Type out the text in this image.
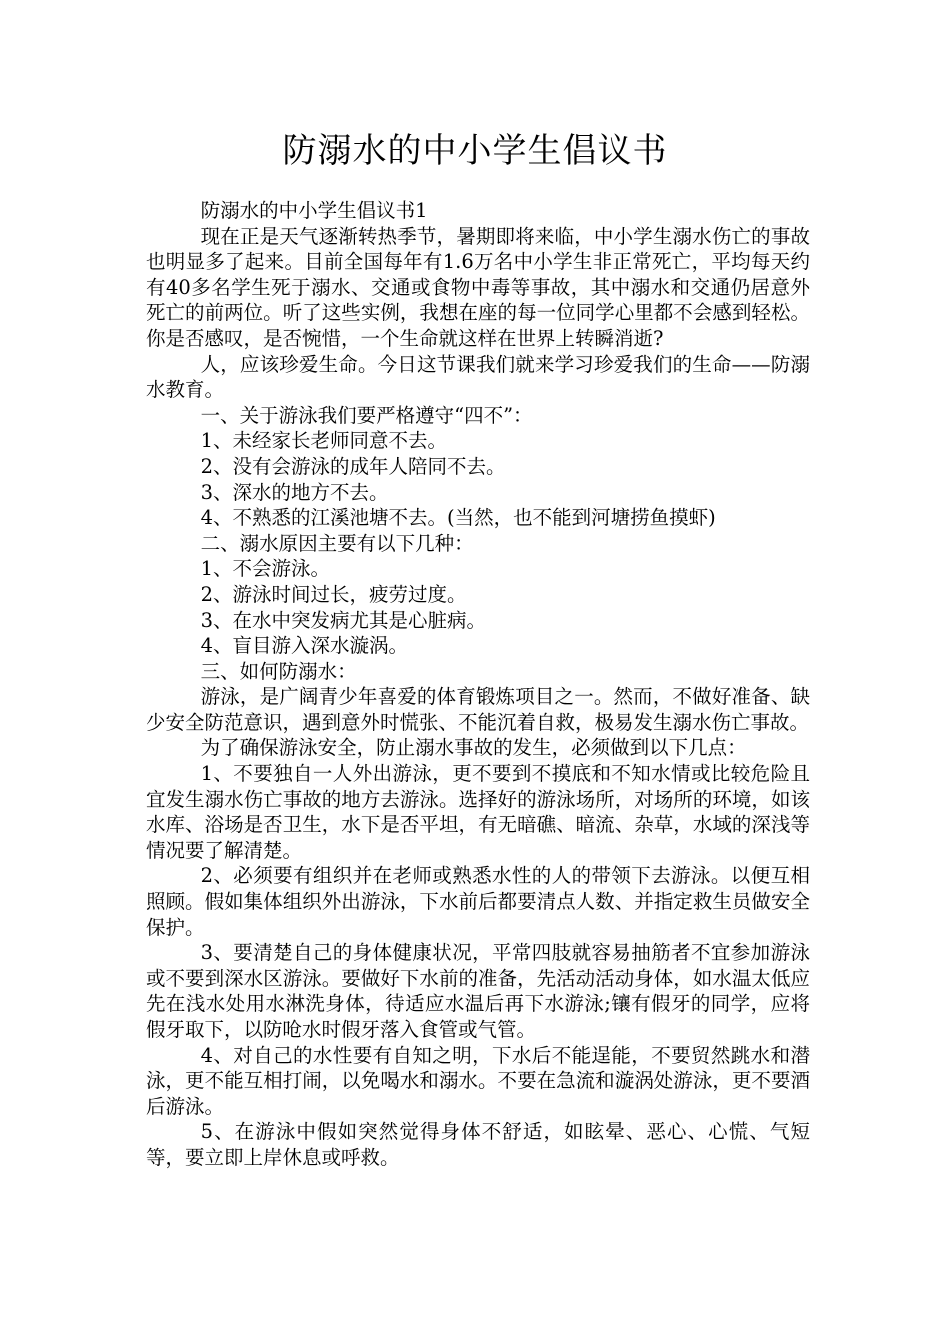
防溺水的中小学生倡议书

防溺水的中小学生倡议书1

现在正是天气逐渐转热季节，暑期即将来临，中小学生溺水伤亡的事故也明显多了起来。目前全国每年有1.6万名中小学生非正常死亡，平均每天约有40多名学生死于溺水、交通或食物中毒等事故，其中溺水和交通仍居意外死亡的前两位。听了这些实例，我想在座的每一位同学心里都不会感到轻松。你是否感叹，是否惋惜，一个生命就这样在世界上转瞬消逝?

人，应该珍爱生命。今日这节课我们就来学习珍爱我们的生命——防溺水教育。

一、关于游泳我们要严格遵守“四不”：

1、未经家长老师同意不去。

2、没有会游泳的成年人陪同不去。

3、深水的地方不去。

4、不熟悉的江溪池塘不去。(当然，也不能到河塘捞鱼摸虾)

二、溺水原因主要有以下几种：

1、不会游泳。

2、游泳时间过长，疲劳过度。

3、在水中突发病尤其是心脏病。

4、盲目游入深水漩涡。

三、如何防溺水：

游泳，是广阔青少年喜爱的体育锻炼项目之一。然而，不做好准备、缺少安全防范意识，遇到意外时慌张、不能沉着自救，极易发生溺水伤亡事故。

为了确保游泳安全，防止溺水事故的发生，必须做到以下几点：

1、不要独自一人外出游泳，更不要到不摸底和不知水情或比较危险且宜发生溺水伤亡事故的地方去游泳。选择好的游泳场所，对场所的环境，如该水库、浴场是否卫生，水下是否平坦，有无暗礁、暗流、杂草，水域的深浅等情况要了解清楚。

2、必须要有组织并在老师或熟悉水性的人的带领下去游泳。以便互相照顾。假如集体组织外出游泳，下水前后都要清点人数、并指定救生员做安全保护。

3、要清楚自己的身体健康状况，平常四肢就容易抽筋者不宜参加游泳或不要到深水区游泳。要做好下水前的准备，先活动活动身体，如水温太低应先在浅水处用水淋洗身体，待适应水温后再下水游泳;镶有假牙的同学，应将假牙取下，以防呛水时假牙落入食管或气管。

4、对自己的水性要有自知之明，下水后不能逞能，不要贸然跳水和潜泳，更不能互相打闹，以免喝水和溺水。不要在急流和漩涡处游泳，更不要酒后游泳。

5、在游泳中假如突然觉得身体不舒适，如眩晕、恶心、心慌、气短等，要立即上岸休息或呼救。
